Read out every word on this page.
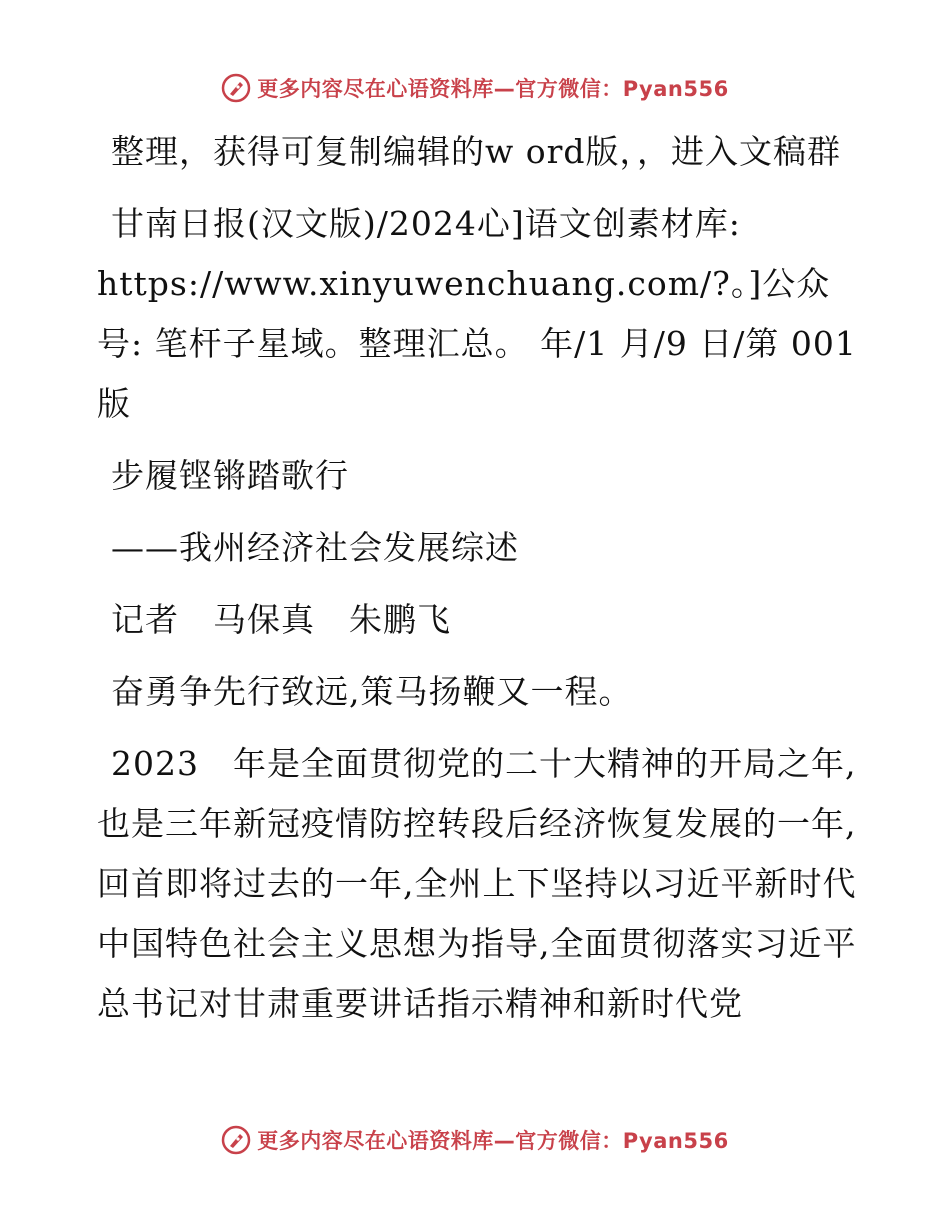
更多内容尽在心语资料库—官方微信：Pyan556

整理，获得可复制编辑的w ord版，，进入文稿群

甘南日报(汉文版)/2024心]语文创素材库: https://www.xinyuwenchuang.com/?。]公众号: 笔杆子星域。整理汇总。 年/1 月/9 日/第 001 版

步履铿锵踏歌行

——我州经济社会发展综述

记者　马保真　朱鹏飞

奋勇争先行致远,策马扬鞭又一程。

2023　年是全面贯彻党的二十大精神的开局之年,也是三年新冠疫情防控转段后经济恢复发展的一年,回首即将过去的一年,全州上下坚持以习近平新时代中国特色社会主义思想为指导,全面贯彻落实习近平总书记对甘肃重要讲话指示精神和新时代党

更多内容尽在心语资料库—官方微信：Pyan556
